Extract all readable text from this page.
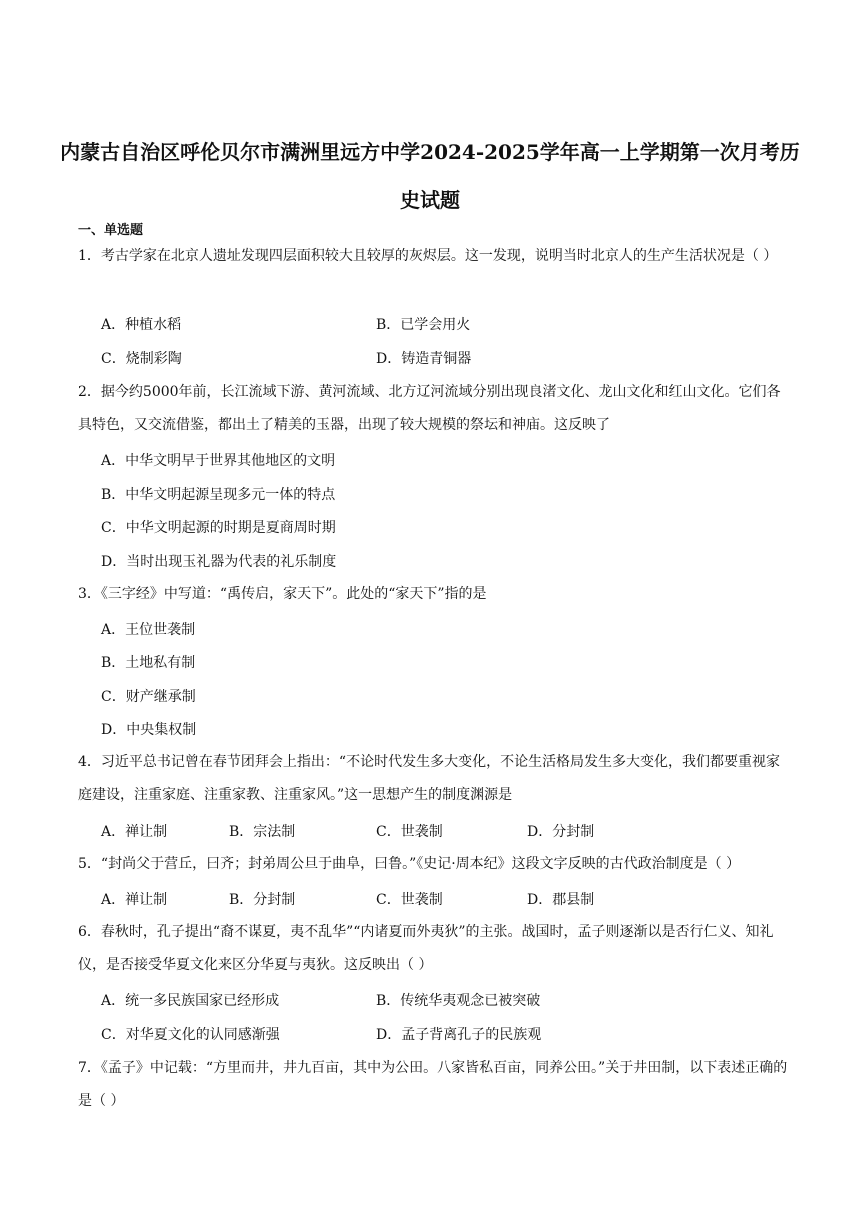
内蒙古自治区呼伦贝尔市满洲里远方中学2024-2025学年高一上学期第一次月考历史试题
一、单选题
1．考古学家在北京人遗址发现四层面积较大且较厚的灰烬层。这一发现，说明当时北京人的生产生活状况是（ ）
A．种植水稻	B．已学会用火
C．烧制彩陶	D．铸造青铜器
2．据今约5000年前，长江流域下游、黄河流域、北方辽河流域分别出现良渚文化、龙山文化和红山文化。它们各具特色，又交流借鉴，都出土了精美的玉器，出现了较大规模的祭坛和神庙。这反映了
A．中华文明早于世界其他地区的文明
B．中华文明起源呈现多元一体的特点
C．中华文明起源的时期是夏商周时期
D．当时出现玉礼器为代表的礼乐制度
3．《三字经》中写道：“禹传启，家天下”。此处的“家天下”指的是
A．王位世袭制
B．土地私有制
C．财产继承制
D．中央集权制
4．习近平总书记曾在春节团拜会上指出：“不论时代发生多大变化，不论生活格局发生多大变化，我们都要重视家庭建设，注重家庭、注重家教、注重家风。”这一思想产生的制度渊源是
A．禅让制	B．宗法制	C．世袭制	D．分封制
5．“封尚父于营丘，曰齐；封弟周公旦于曲阜，曰鲁。”《史记·周本纪》这段文字反映的古代政治制度是（ ）
A．禅让制	B．分封制	C．世袭制	D．郡县制
6．春秋时，孔子提出“裔不谋夏，夷不乱华”“内诸夏而外夷狄”的主张。战国时，孟子则逐渐以是否行仁义、知礼仪，是否接受华夏文化来区分华夏与夷狄。这反映出（ ）
A．统一多民族国家已经形成	B．传统华夷观念已被突破
C．对华夏文化的认同感渐强	D．孟子背离孔子的民族观
7．《孟子》中记载：“方里而井，井九百亩，其中为公田。八家皆私百亩，同养公田。”关于井田制，以下表述正确的是（ ）
